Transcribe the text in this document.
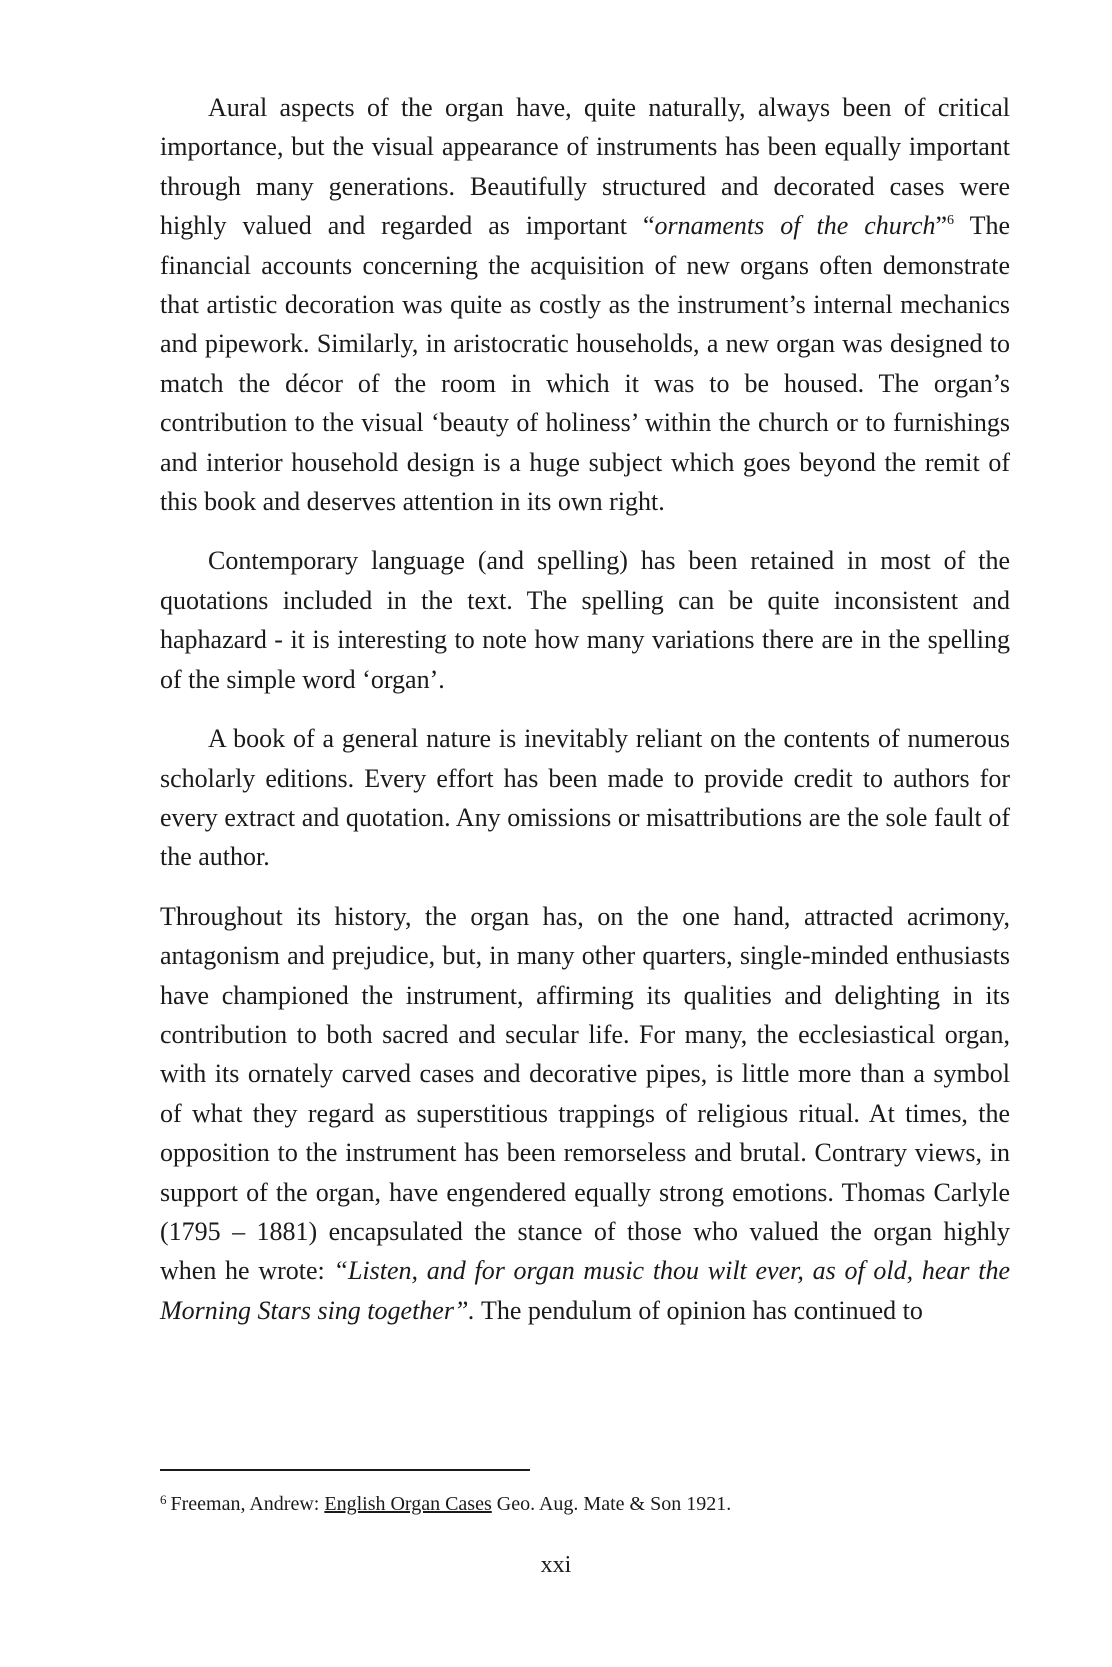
Aural aspects of the organ have, quite naturally, always been of critical importance, but the visual appearance of instruments has been equally important through many generations. Beautifully structured and decorated cases were highly valued and regarded as important “ornaments of the church”$^6$ The financial accounts concerning the acquisition of new organs often demonstrate that artistic decoration was quite as costly as the instrument’s internal mechanics and pipework. Similarly, in aristocratic households, a new organ was designed to match the décor of the room in which it was to be housed. The organ’s contribution to the visual ‘beauty of holiness’ within the church or to furnishings and interior household design is a huge subject which goes beyond the remit of this book and deserves attention in its own right.

Contemporary language (and spelling) has been retained in most of the quotations included in the text. The spelling can be quite inconsistent and haphazard - it is interesting to note how many variations there are in the spelling of the simple word ‘organ’.

A book of a general nature is inevitably reliant on the contents of numerous scholarly editions. Every effort has been made to provide credit to authors for every extract and quotation. Any omissions or misattributions are the sole fault of the author.

Throughout its history, the organ has, on the one hand, attracted acrimony, antagonism and prejudice, but, in many other quarters, single-minded enthusiasts have championed the instrument, affirming its qualities and delighting in its contribution to both sacred and secular life. For many, the ecclesiastical organ, with its ornately carved cases and decorative pipes, is little more than a symbol of what they regard as superstitious trappings of religious ritual. At times, the opposition to the instrument has been remorseless and brutal. Contrary views, in support of the organ, have engendered equally strong emotions. Thomas Carlyle (1795 – 1881) encapsulated the stance of those who valued the organ highly when he wrote: “Listen, and for organ music thou wilt ever, as of old, hear the Morning Stars sing together”. The pendulum of opinion has continued to

$^6$ Freeman, Andrew: English Organ Cases Geo. Aug. Mate & Son 1921.
xxi
